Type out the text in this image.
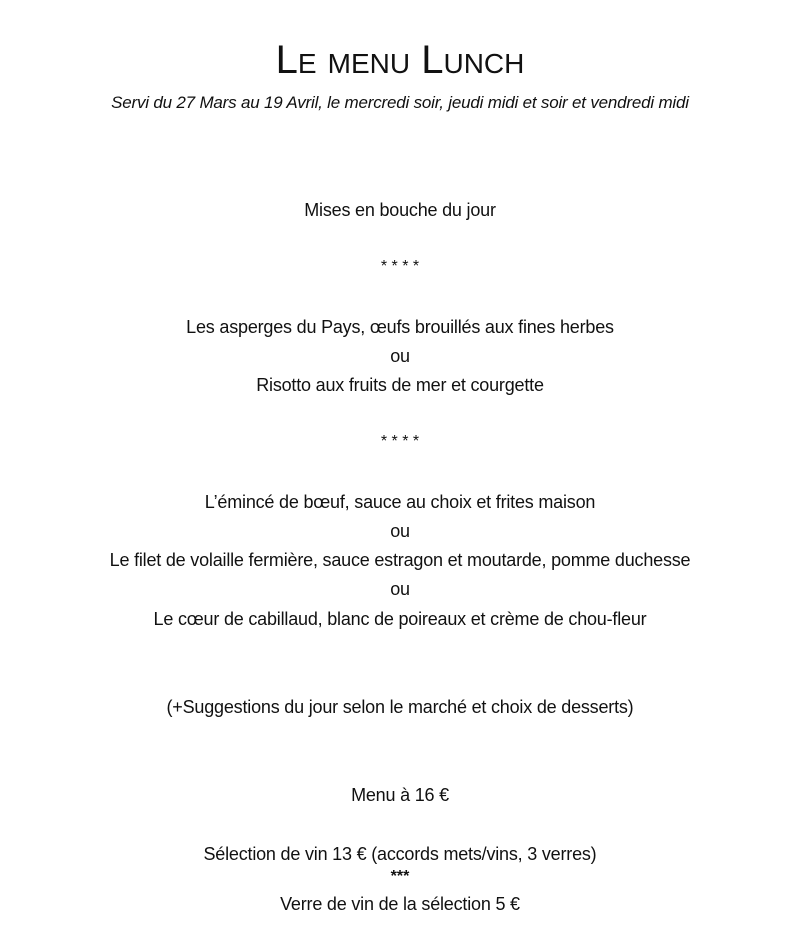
Le menu Lunch
Servi du 27 Mars au 19 Avril, le mercredi soir, jeudi midi et soir et vendredi midi
Mises en bouche du jour
* * * *
Les asperges du Pays, œufs brouillés aux fines herbes
ou
Risotto aux fruits de mer et courgette
* * * *
L’émincé de bœuf, sauce au choix et frites maison
ou
Le filet de volaille fermière, sauce estragon et moutarde, pomme duchesse
ou
Le cœur de cabillaud, blanc de poireaux et crème de chou-fleur
(+Suggestions du jour selon le marché et choix de desserts)
Menu à 16 €
Sélection de vin 13 € (accords mets/vins, 3 verres)
***
Verre de vin de la sélection 5 €
